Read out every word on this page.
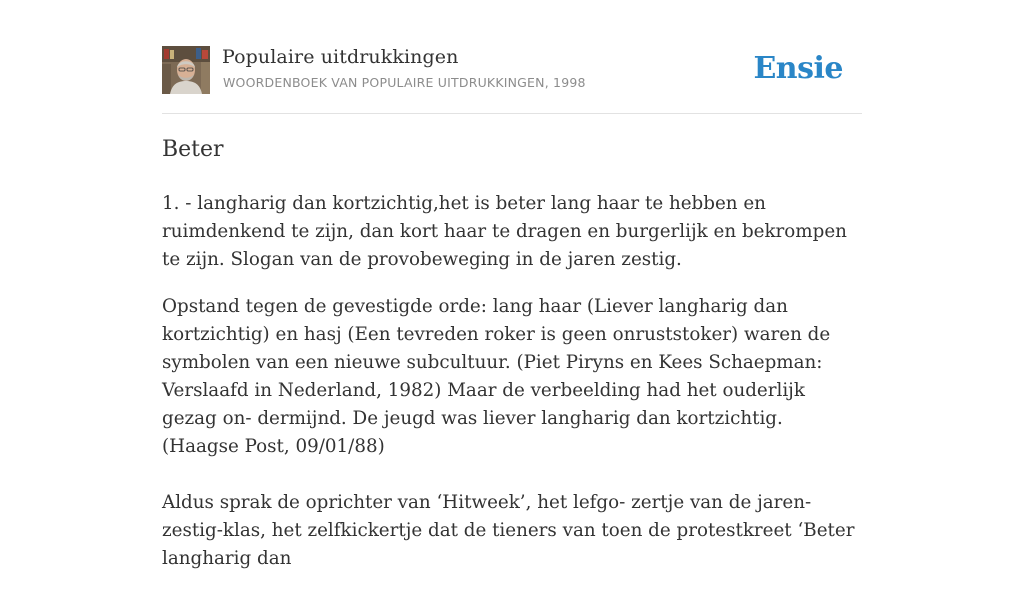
Populaire uitdrukkingen
WOORDENBOEK VAN POPULAIRE UITDRUKKINGEN, 1998	Ensie
Beter

1. - langharig dan kortzichtig,het is beter lang haar te hebben en ruimdenkend te zijn, dan kort haar te dragen en burgerlijk en bekrompen te zijn. Slogan van de provobeweging in de jaren zestig.

Opstand tegen de gevestigde orde: lang haar (Liever langharig dan kortzichtig) en hasj (Een tevreden roker is geen onruststoker) waren de symbolen van een nieuwe subcultuur. (Piet Piryns en Kees Schaepman: Verslaafd in Nederland, 1982) Maar de verbeelding had het ouderlijk gezag on- dermijnd. De jeugd was liever langharig dan kortzichtig. (Haagse Post, 09/01/88)

Aldus sprak de oprichter van ‘Hitweek’, het lefgo- zertje van de jaren-zestig-klas, het zelfkickertje dat de tieners van toen de protestkreet ‘Beter langharig dan
